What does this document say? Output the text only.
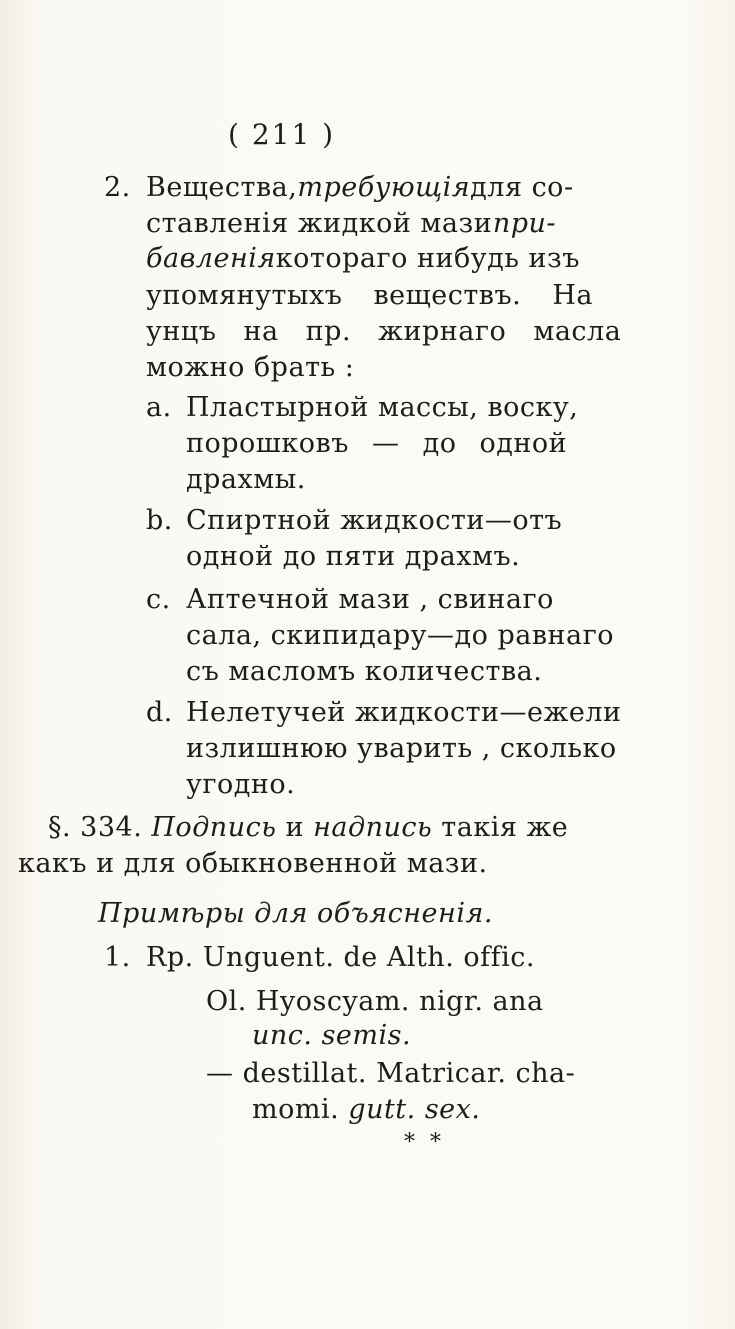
( 211 )
2. Вещества, требующія для со-
ставленія жидкой мази при-
бавленія котораго нибудь изъ
упомянутыхъ веществъ. На
унцъ на пр. жирнаго масла
можно брать :
a. Пластырной массы, воску,
порошковъ — до одной
драхмы.
b. Спиртной жидкости—отъ
одной до пяти драхмъ.
c. Аптечной мази , свинаго
сала, скипидару—до равнаго
съ масломъ количества.
d. Нелетучей жидкости—ежели
излишнюю уварить , сколько
угодно.
§. 334. Подпись и надпись такія же
какъ и для обыкновенной мази.
Примѣры для объясненія.
1. Rp. Unguent. de Alth. offic.
Ol. Hyoscyam. nigr. ana
unc. semis.
— destillat. Matricar. cha-
momi. gutt. sex.
* *
